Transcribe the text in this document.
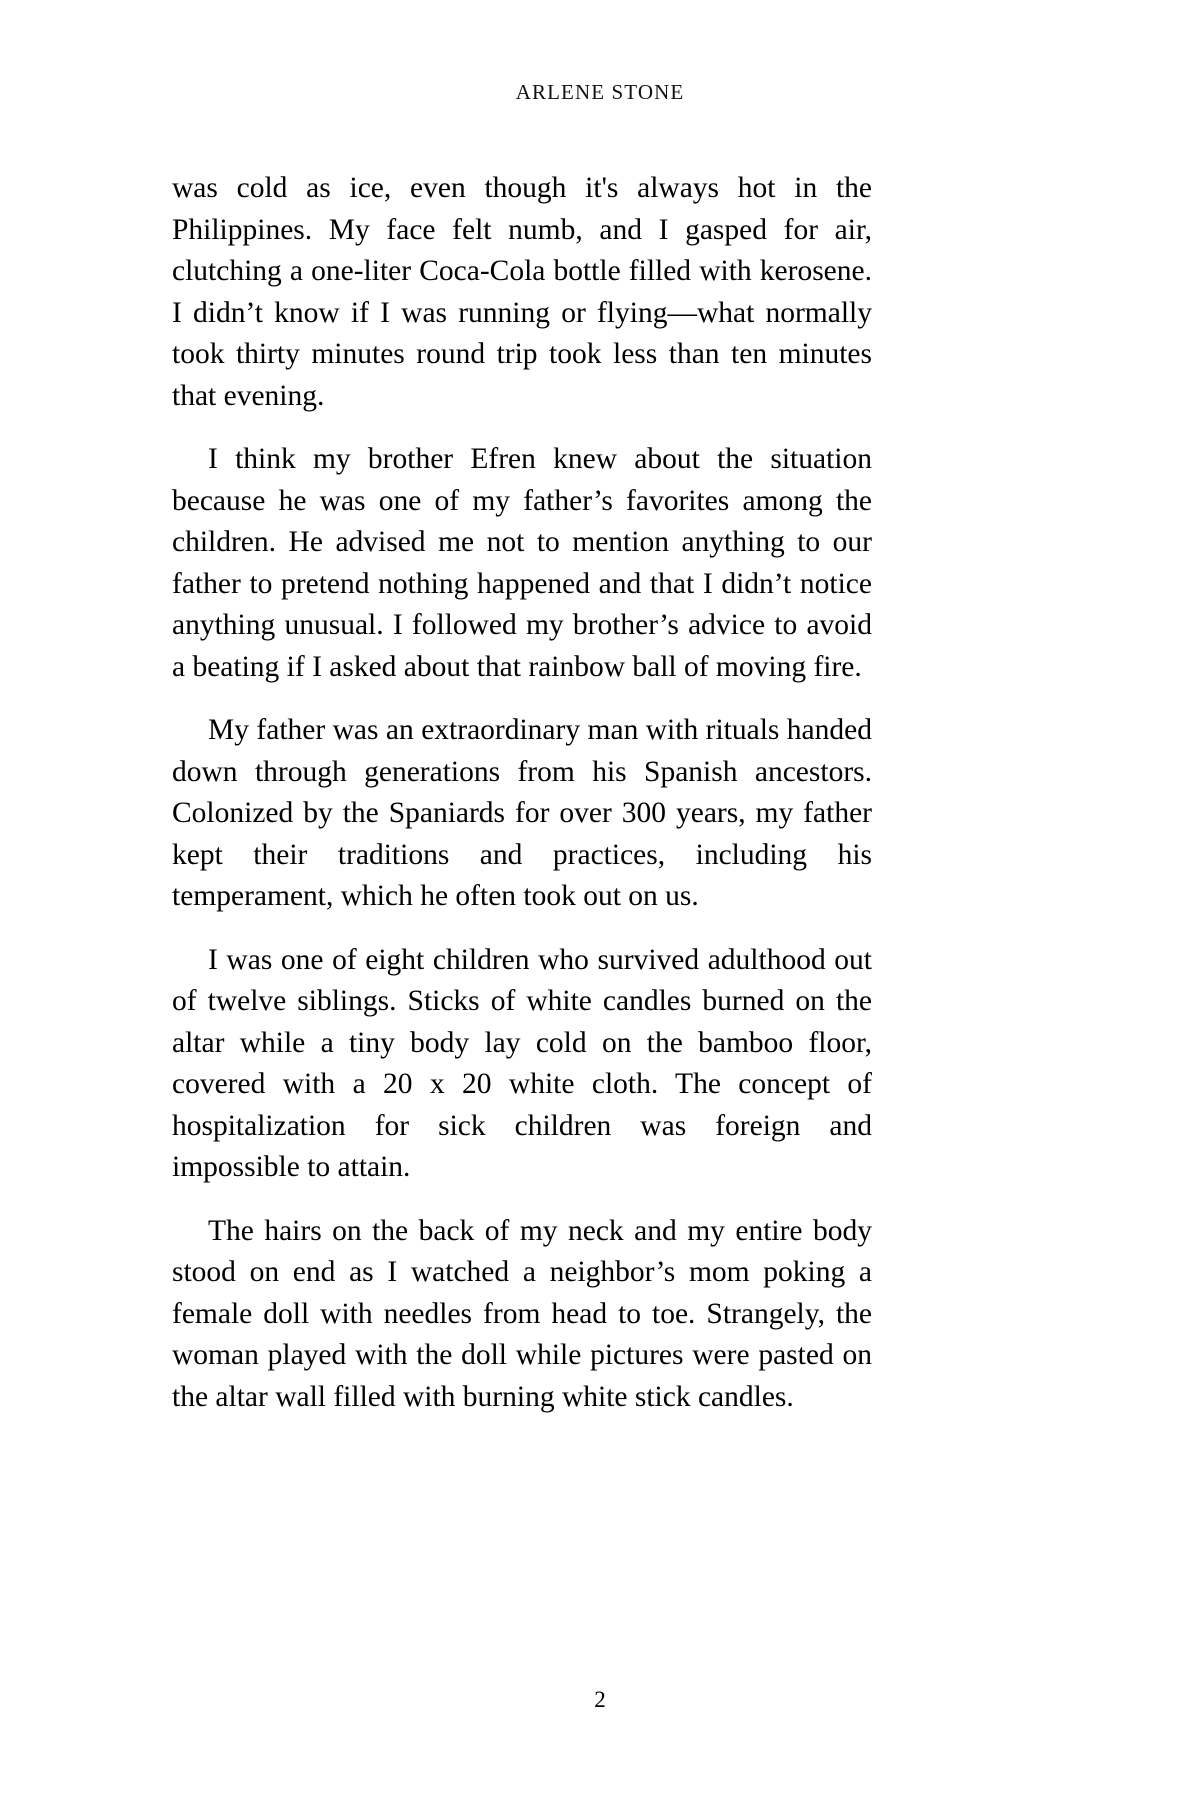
ARLENE STONE

was cold as ice, even though it's always hot in the Philippines. My face felt numb, and I gasped for air, clutching a one-liter Coca-Cola bottle filled with kerosene. I didn’t know if I was running or flying—what normally took thirty minutes round trip took less than ten minutes that evening.

I think my brother Efren knew about the situation because he was one of my father’s favorites among the children. He advised me not to mention anything to our father to pretend nothing happened and that I didn’t notice anything unusual. I followed my brother’s advice to avoid a beating if I asked about that rainbow ball of moving fire.

My father was an extraordinary man with rituals handed down through generations from his Spanish ancestors. Colonized by the Spaniards for over 300 years, my father kept their traditions and practices, including his temperament, which he often took out on us.

I was one of eight children who survived adulthood out of twelve siblings. Sticks of white candles burned on the altar while a tiny body lay cold on the bamboo floor, covered with a 20 x 20 white cloth. The concept of hospitalization for sick children was foreign and impossible to attain.

The hairs on the back of my neck and my entire body stood on end as I watched a neighbor’s mom poking a female doll with needles from head to toe. Strangely, the woman played with the doll while pictures were pasted on the altar wall filled with burning white stick candles.

2
